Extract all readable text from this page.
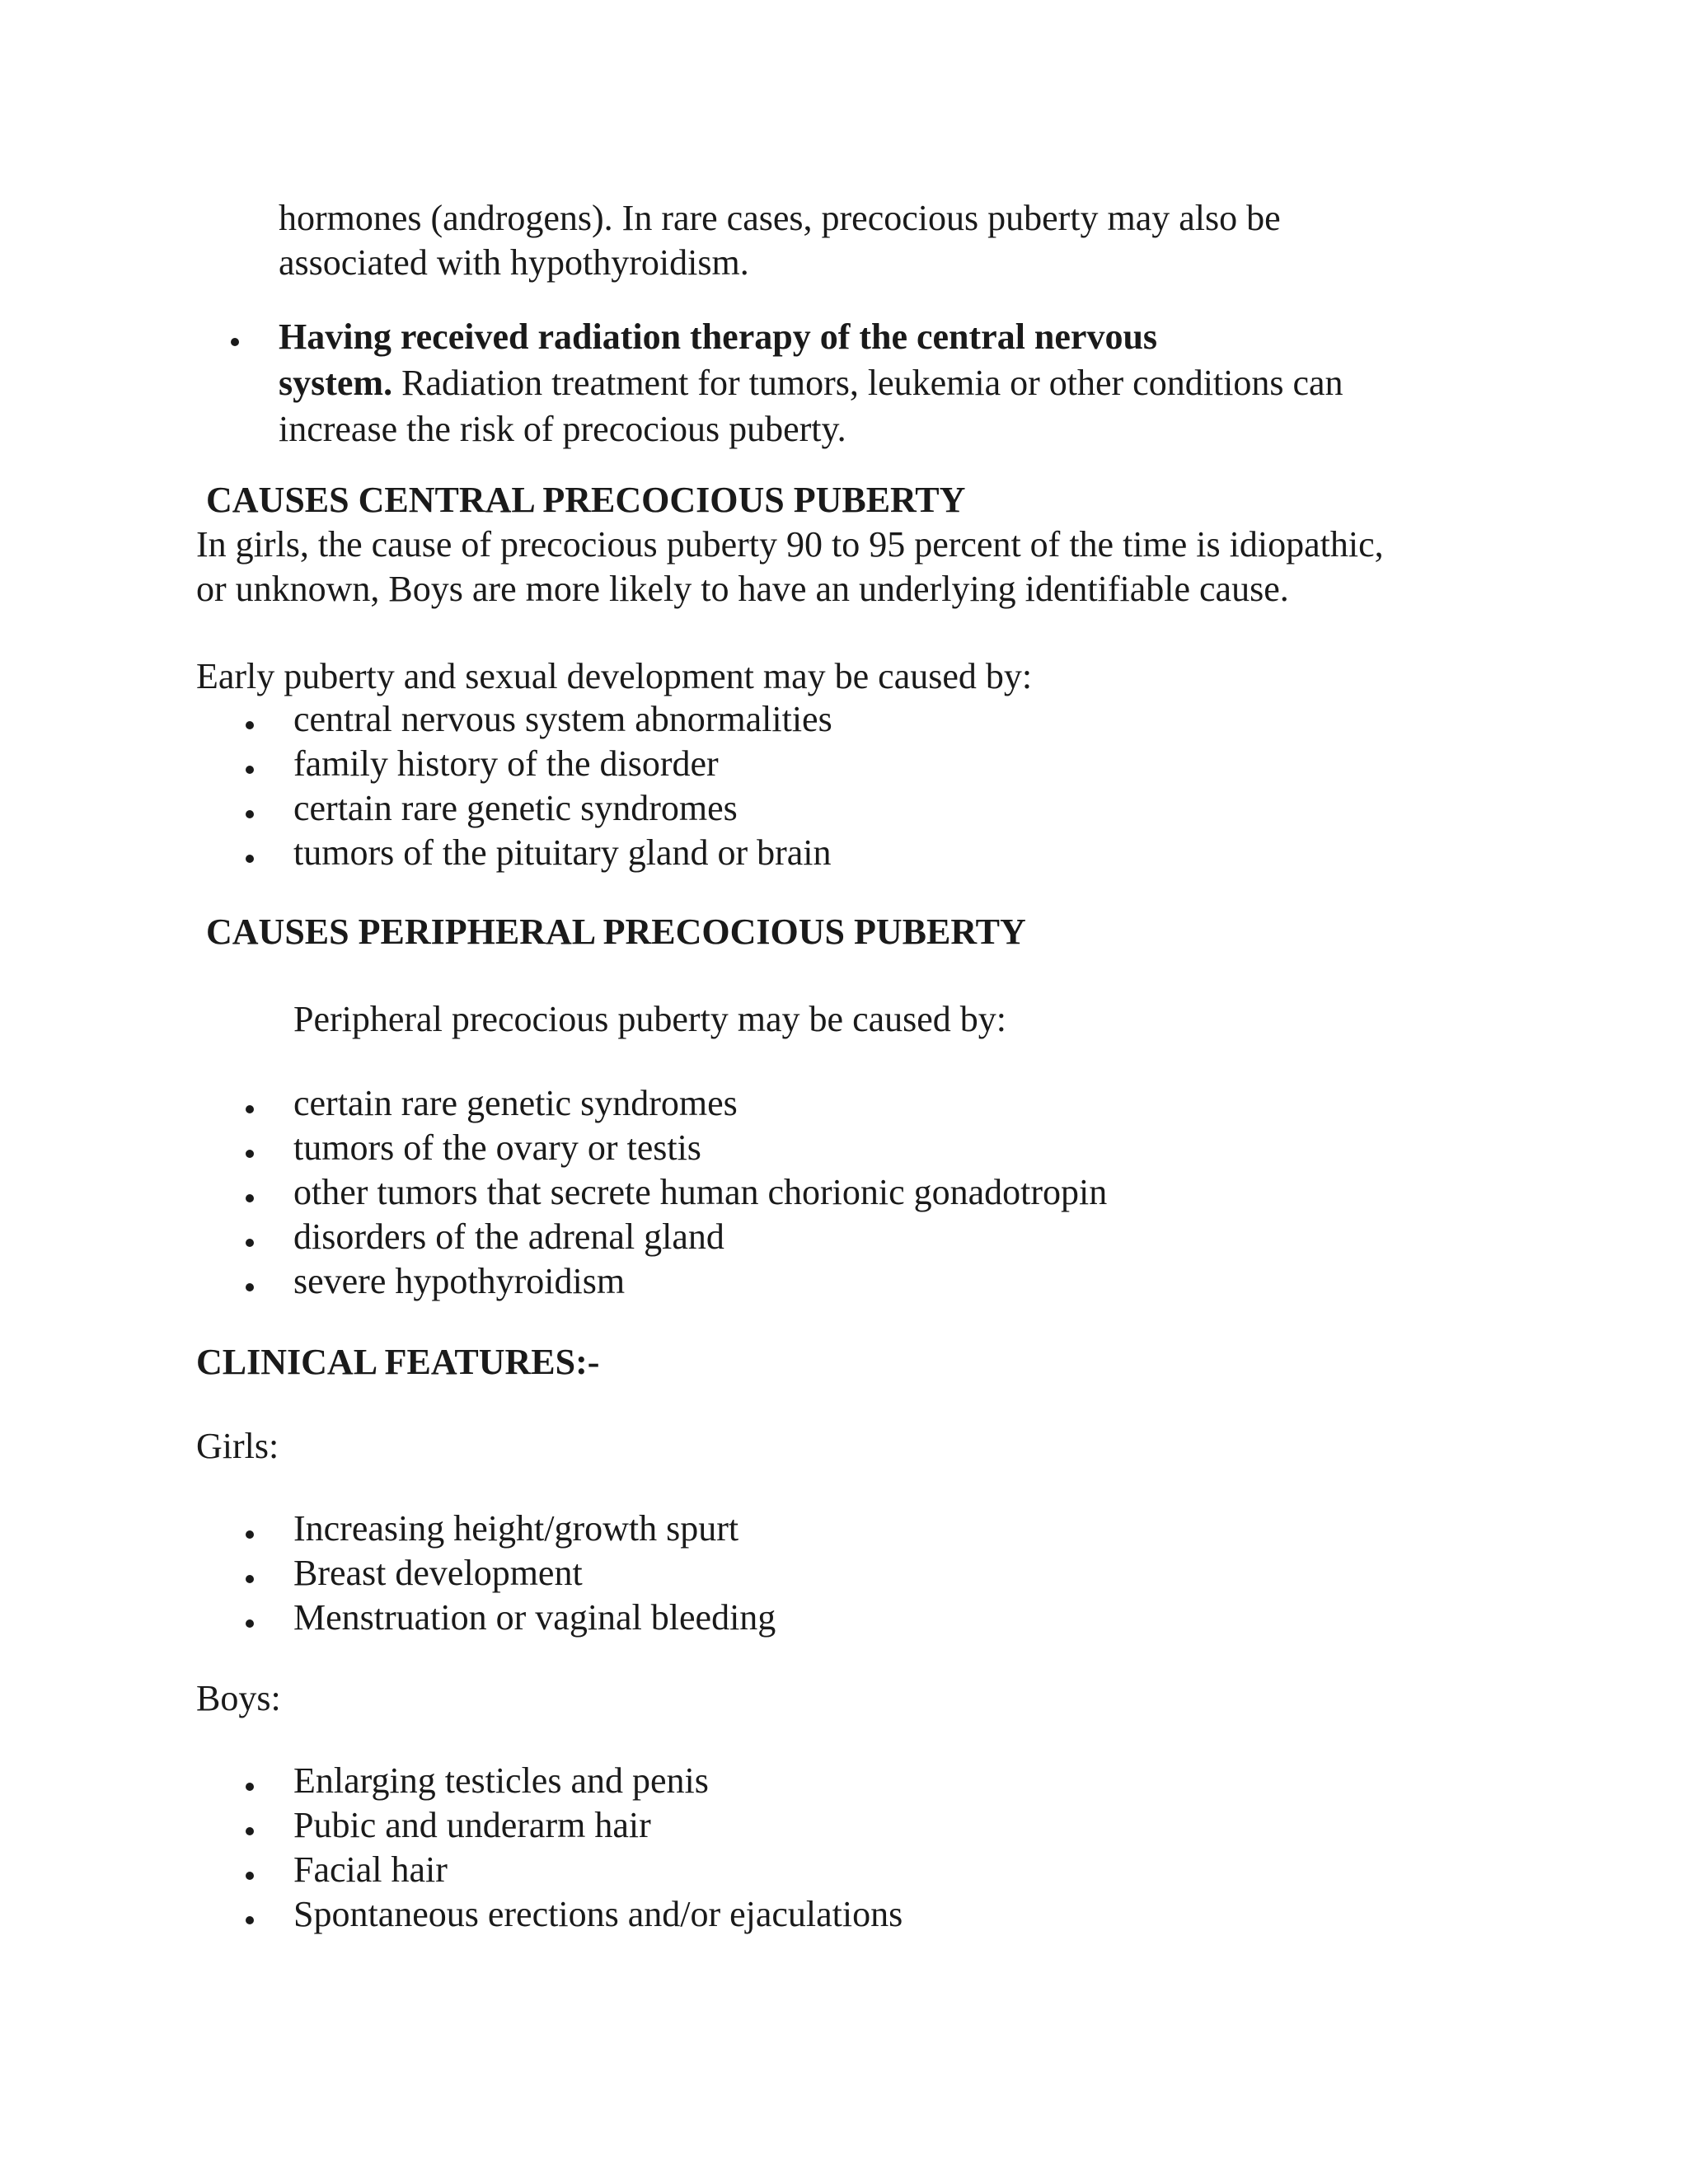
hormones (androgens). In rare cases, precocious puberty may also be

associated with hypothyroidism.

Having received radiation therapy of the central nervous

system. Radiation treatment for tumors, leukemia or other conditions can

increase the risk of precocious puberty.

CAUSES CENTRAL PRECOCIOUS PUBERTY

In girls, the cause of precocious puberty 90 to 95 percent of the time is idiopathic,

or unknown, Boys are more likely to have an underlying identifiable cause.

Early puberty and sexual development may be caused by:

central nervous system abnormalities

family history of the disorder

certain rare genetic syndromes

tumors of the pituitary gland or brain

CAUSES PERIPHERAL PRECOCIOUS PUBERTY

Peripheral precocious puberty may be caused by:

certain rare genetic syndromes

tumors of the ovary or testis

other tumors that secrete human chorionic gonadotropin

disorders of the adrenal gland

severe hypothyroidism

CLINICAL FEATURES:-

Girls:

Increasing height/growth spurt

Breast development

Menstruation or vaginal bleeding

Boys:

Enlarging testicles and penis

Pubic and underarm hair

Facial hair

Spontaneous erections and/or ejaculations
